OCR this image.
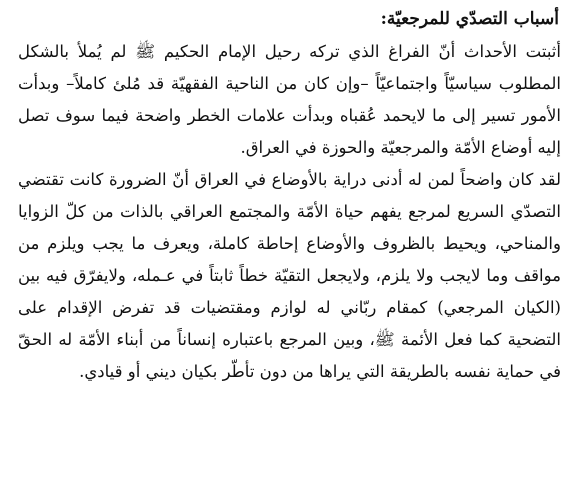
أسباب التصدّي للمرجعيّة:

أثبتت الأحداث أنّ الفراغ الذي تركه رحيل الإمام الحكيم ﷺ لم يُملأ بالشكل المطلوب سياسيّاً واجتماعيّاً –وإن كان من الناحية الفقهيّة قد مُلئ كاملاً– وبدأت الأمور تسير إلى ما لايحمد عُقباه وبدأت علامات الخطر واضحة فيما سوف تصل إليه أوضاع الأمّة والمرجعيّة والحوزة في العراق.

لقد كان واضحاً لمن له أدنى دراية بالأوضاع في العراق أنّ الضرورة كانت تقتضي التصدّي السريع لمرجع يفهم حياة الأمّة والمجتمع العراقي بالذات من كلّ الزوايا والمناحي، ويحيط بالظروف والأوضاع إحاطة كاملة، ويعرف ما يجب ويلزم من مواقف وما لايجب ولا يلزم، ولايجعل التقيّة خطاً ثابتاً في عـمله، ولايفرّق فيه بين (الكيان المرجعي) كمقام ربّاني له لوازم ومقتضيات قد تفرض الإقدام على التضحية كما فعل الأئمة ﷺ، وبين المرجع باعتباره إنساناً من أبناء الأمّة له الحقّ في حماية نفسه بالطريقة التي يراها من دون تأطّر بكيان ديني أو قيادي.
